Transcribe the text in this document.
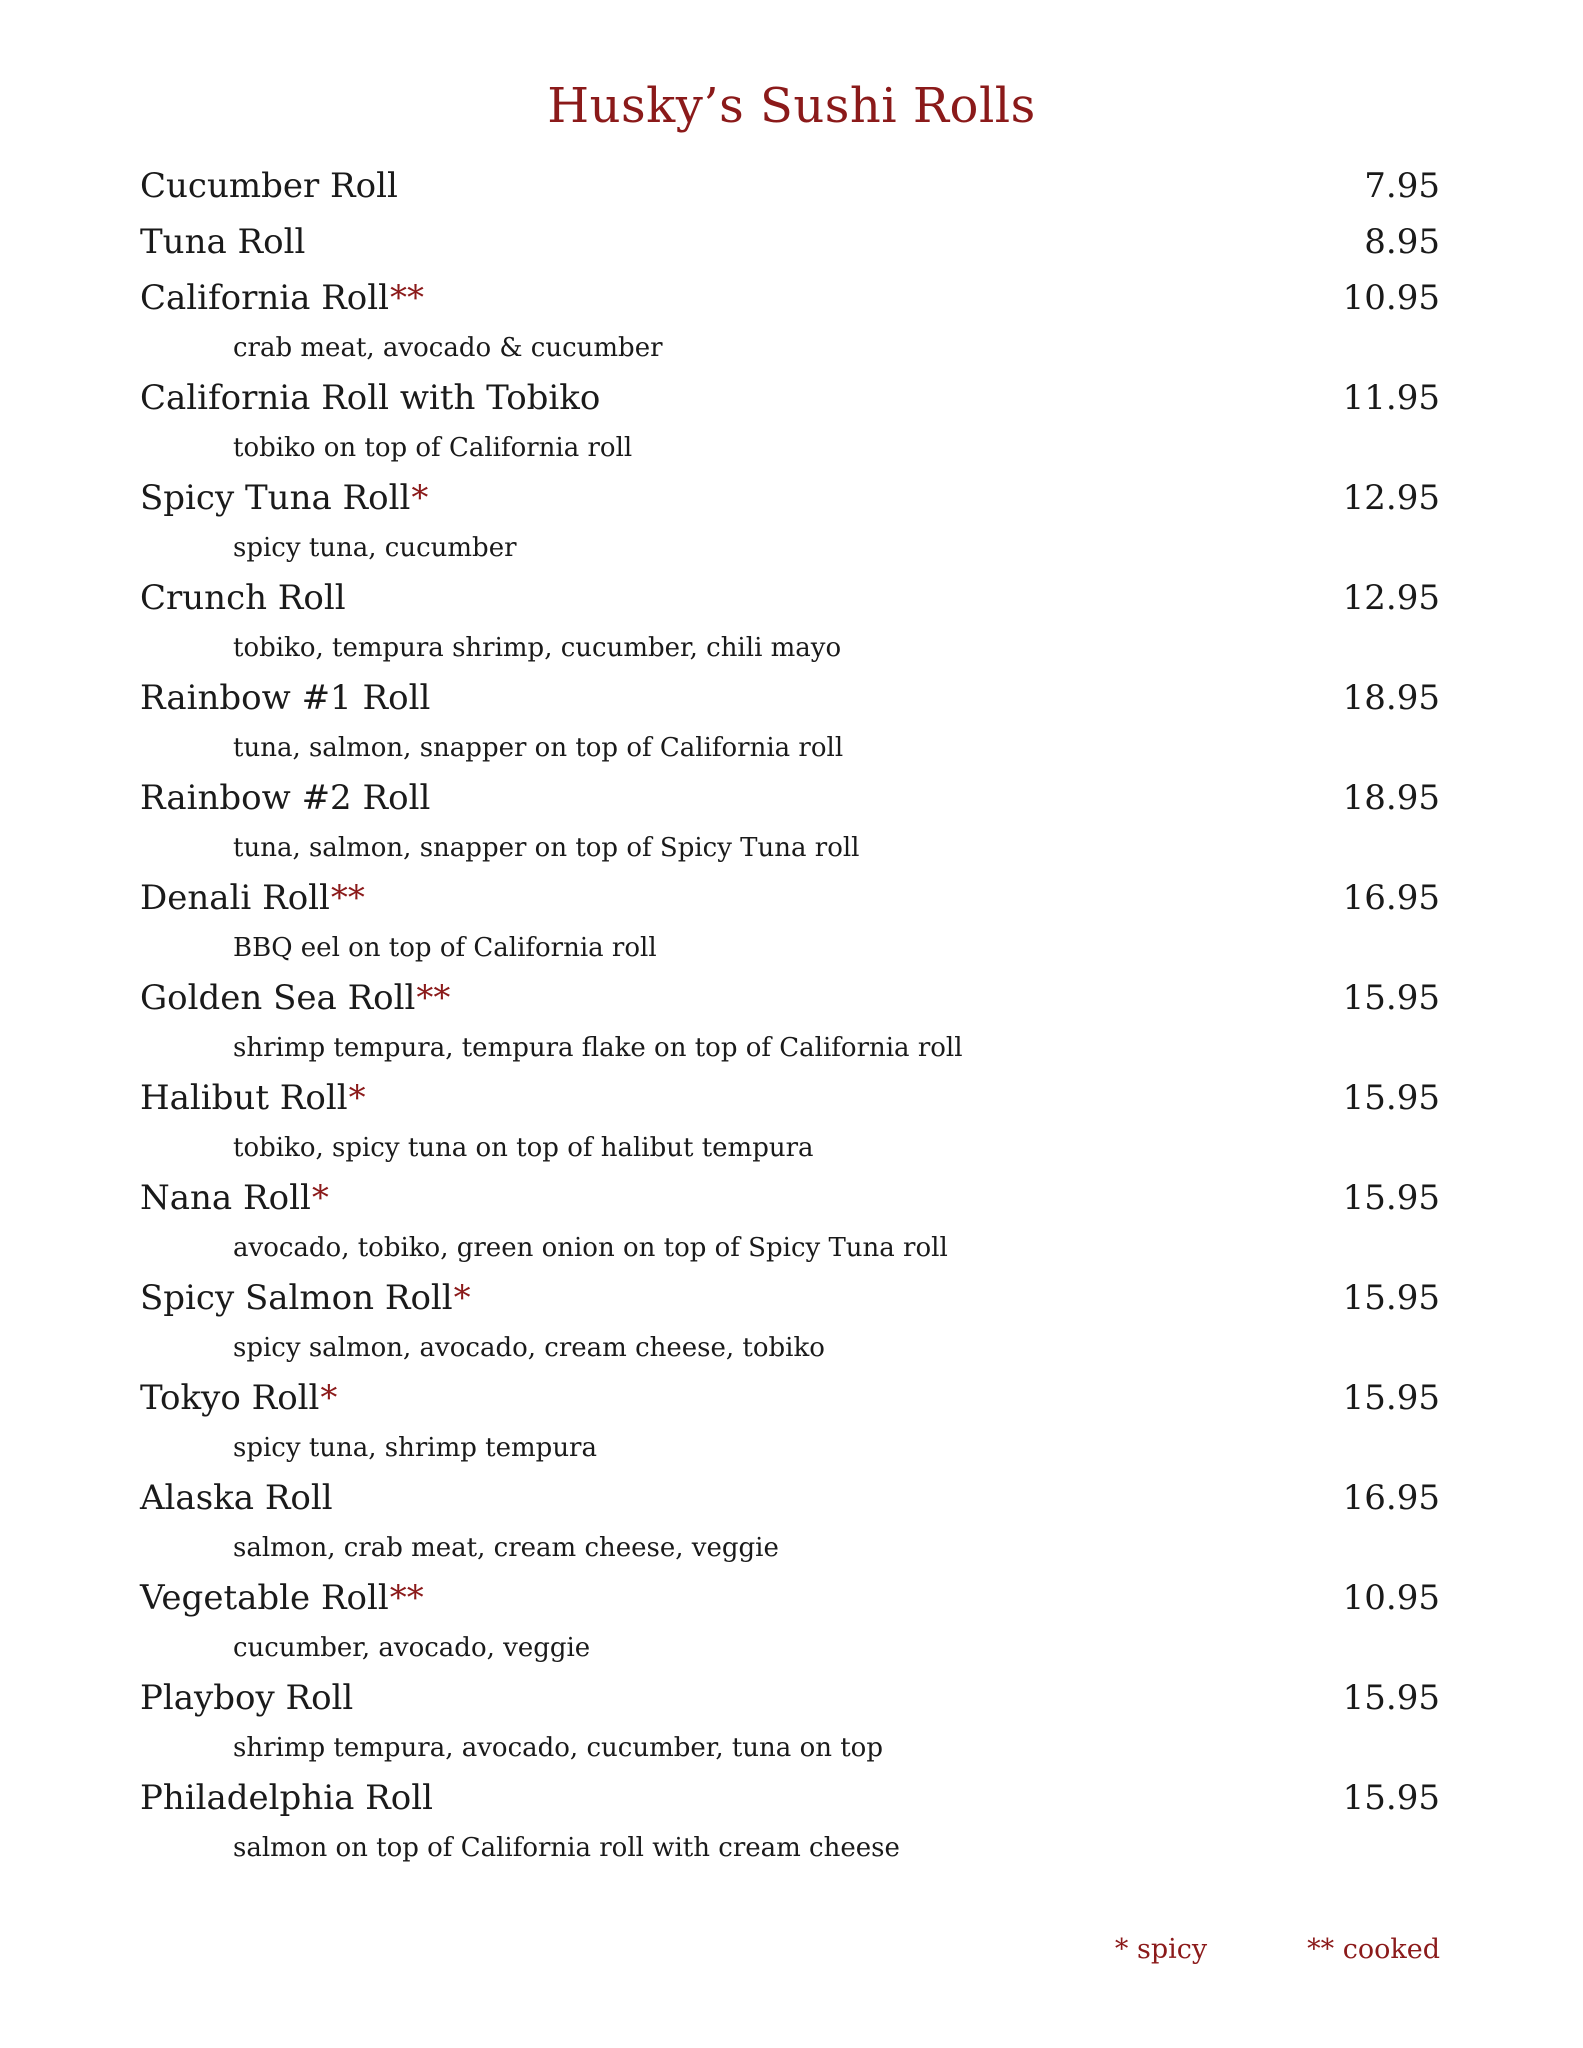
Husky’s Sushi Rolls
Cucumber Roll	7.95
Tuna Roll	8.95
California Roll**	10.95
crab meat, avocado & cucumber
California Roll with Tobiko	11.95
tobiko on top of California roll
Spicy Tuna Roll*	12.95
spicy tuna, cucumber
Crunch Roll	12.95
tobiko, tempura shrimp, cucumber, chili mayo
Rainbow #1 Roll	18.95
tuna, salmon, snapper on top of California roll
Rainbow #2 Roll	18.95
tuna, salmon, snapper on top of Spicy Tuna roll
Denali Roll**	16.95
BBQ eel on top of California roll
Golden Sea Roll**	15.95
shrimp tempura, tempura flake on top of California roll
Halibut Roll*	15.95
tobiko, spicy tuna on top of halibut tempura
Nana Roll*	15.95
avocado, tobiko, green onion on top of Spicy Tuna roll
Spicy Salmon Roll*	15.95
spicy salmon, avocado, cream cheese, tobiko
Tokyo Roll*	15.95
spicy tuna, shrimp tempura
Alaska Roll	16.95
salmon, crab meat, cream cheese, veggie
Vegetable Roll**	10.95
cucumber, avocado, veggie
Playboy Roll	15.95
shrimp tempura, avocado, cucumber, tuna on top
Philadelphia Roll	15.95
salmon on top of California roll with cream cheese
* spicy	** cooked
